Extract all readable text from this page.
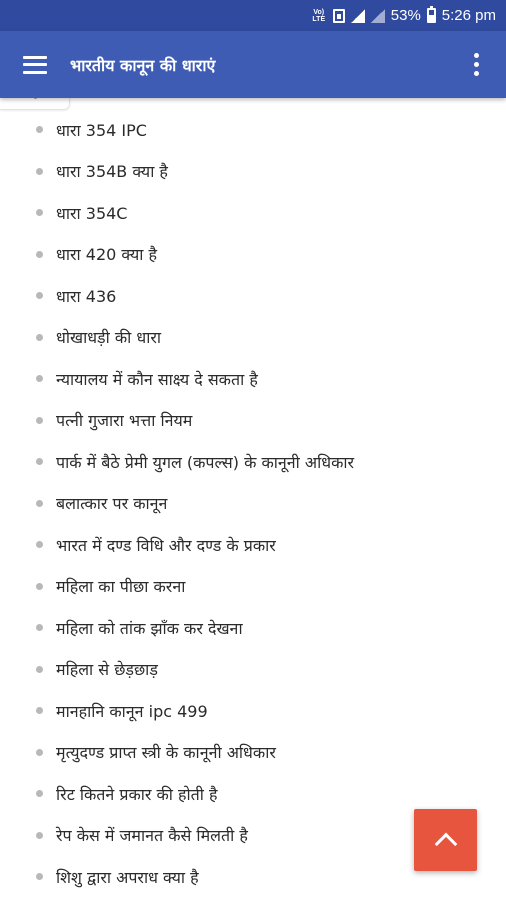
Vo) LTE	53% 5:26 pm
भारतीय कानून की धाराएं
धारा 354 IPC
धारा 354B क्या है
धारा 354C
धारा 420 क्या है
धारा 436
धोखाधड़ी की धारा
न्यायालय में कौन साक्ष्य दे सकता है
पत्नी गुजारा भत्ता नियम
पार्क में बैठे प्रेमी युगल (कपल्स) के कानूनी अधिकार
बलात्कार पर कानून
भारत में दण्ड विधि और दण्ड के प्रकार
महिला का पीछा करना
महिला को तांक झाँक कर देखना
महिला से छेड़छाड़
मानहानि कानून ipc 499
मृत्युदण्ड प्राप्त स्त्री के कानूनी अधिकार
रिट कितने प्रकार की होती है
रेप केस में जमानत कैसे मिलती है
शिशु द्वारा अपराध क्या है
